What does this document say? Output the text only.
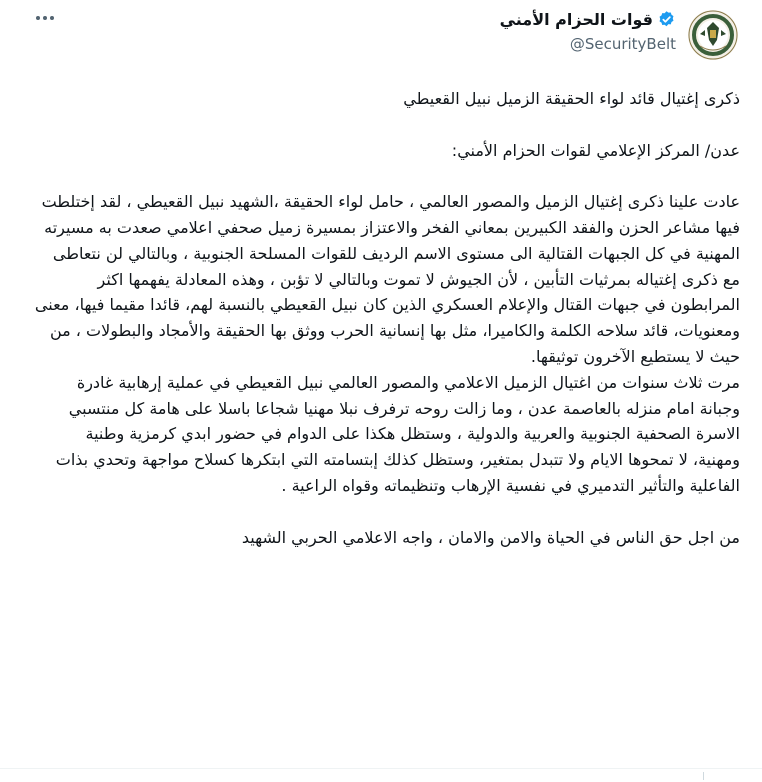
قوات الحزام الأمني
@SecurityBelt
ذكرى إغتيال قائد لواء الحقيقة الزميل نبيل القعيطي

عدن/ المركز الإعلامي لقوات الحزام الأمني:

عادت علينا ذكرى إغتيال الزميل والمصور العالمي ، حامل لواء الحقيقة ،الشهيد نبيل القعيطي ، لقد إختلطت فيها مشاعر الحزن والفقد الكبيرين بمعاني الفخر والاعتزاز بمسيرة زميل صحفي اعلامي صعدت به مسيرته المهنية في كل الجبهات القتالية الى مستوى الاسم الرديف للقوات المسلحة الجنوبية ، وبالتالي لن نتعاطى مع ذكرى إغتياله بمرثيات التأبين ، لأن الجيوش لا تموت وبالتالي لا تؤبن ، وهذه المعادلة يفهمها اكثر المرابطون في جبهات القتال والإعلام العسكري الذين كان نبيل القعيطي بالنسبة لهم، قائدا مقيما فيها، معنى ومعنويات، قائد سلاحه الكلمة والكاميرا، مثل بها إنسانية الحرب ووثق بها الحقيقة والأمجاد والبطولات ، من حيث لا يستطيع الآخرون توثيقها.
مرت ثلاث سنوات من اغتيال الزميل الاعلامي والمصور العالمي نبيل القعيطي في عملية إرهابية غادرة وجبانة امام منزله بالعاصمة عدن ، وما زالت روحه ترفرف نبلا مهنيا شجاعا باسلا على هامة كل منتسبي الاسرة الصحفية الجنوبية والعربية والدولية ، وستظل هكذا على الدوام في حضور ابدي كرمزية وطنية ومهنية، لا تمحوها الايام ولا تتبدل بمتغير، وستظل كذلك إبتسامته التي ابتكرها كسلاح مواجهة وتحدي بذات الفاعلية والتأثير التدميري في نفسية الإرهاب وتنظيماته وقواه الراعية .

من اجل حق الناس في الحياة والامن والامان ، واجه الاعلامي الحربي الشهيد
